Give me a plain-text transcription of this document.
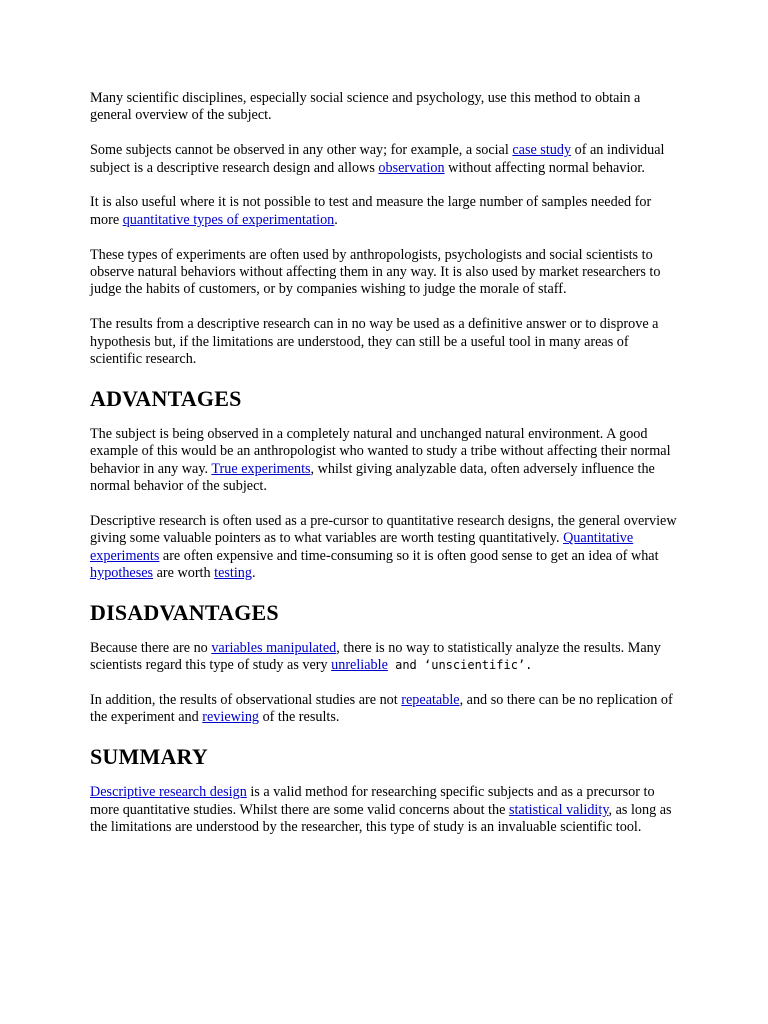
Many scientific disciplines, especially social science and psychology, use this method to obtain a general overview of the subject.

Some subjects cannot be observed in any other way; for example, a social case study of an individual subject is a descriptive research design and allows observation without affecting normal behavior.

It is also useful where it is not possible to test and measure the large number of samples needed for more quantitative types of experimentation.

These types of experiments are often used by anthropologists, psychologists and social scientists to observe natural behaviors without affecting them in any way. It is also used by market researchers to judge the habits of customers, or by companies wishing to judge the morale of staff.

The results from a descriptive research can in no way be used as a definitive answer or to disprove a hypothesis but, if the limitations are understood, they can still be a useful tool in many areas of scientific research.

ADVANTAGES

The subject is being observed in a completely natural and unchanged natural environment. A good example of this would be an anthropologist who wanted to study a tribe without affecting their normal behavior in any way. True experiments, whilst giving analyzable data, often adversely influence the normal behavior of the subject.

Descriptive research is often used as a pre-cursor to quantitative research designs, the general overview giving some valuable pointers as to what variables are worth testing quantitatively. Quantitative experiments are often expensive and time-consuming so it is often good sense to get an idea of what hypotheses are worth testing.

DISADVANTAGES

Because there are no variables manipulated, there is no way to statistically analyze the results. Many scientists regard this type of study as very unreliable and ‘unscientific’.

In addition, the results of observational studies are not repeatable, and so there can be no replication of the experiment and reviewing of the results.

SUMMARY

Descriptive research design is a valid method for researching specific subjects and as a precursor to more quantitative studies. Whilst there are some valid concerns about the statistical validity, as long as the limitations are understood by the researcher, this type of study is an invaluable scientific tool.
